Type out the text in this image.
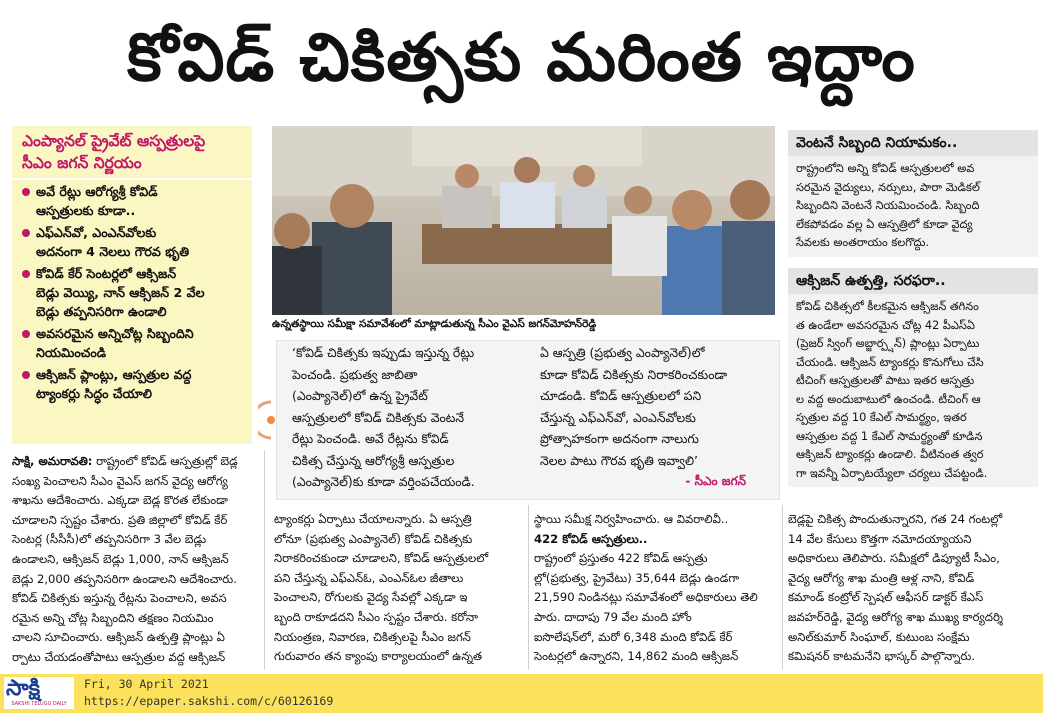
కోవిడ్ చికిత్సకు మరింత ఇద్దాం
ఎంప్యానల్ ప్రైవేట్ ఆస్పత్రులపై
సీఎం జగన్ నిర్ణయం
అవే రేట్లు ఆరోగ్యశ్రీ కోవిడ్
ఆస్పత్రులకు కూడా..
ఎఫ్ఎన్‌వో, ఎంఎన్‌వోలకు
అదనంగా 4 నెలలు గౌరవ భృతి
కోవిడ్ కేర్ సెంటర్లలో ఆక్సిజన్
బెడ్లు వెయ్యి, నాన్ ఆక్సిజన్ 2 వేల
బెడ్లు తప్పనిసరిగా ఉండాలి
అవసరమైన అన్నిచోట్ల సిబ్బందిని
నియమించండి
ఆక్సిజన్ ప్లాంట్లు, ఆస్పత్రుల వద్ద
ట్యాంకర్లు సిద్ధం చేయాలి
ఉన్నతస్థాయి సమీక్షా సమావేశంలో మాట్లాడుతున్న సీఎం వైఎస్ జగన్‌మోహన్‌రెడ్డి
‘కోవిడ్ చికిత్సకు ఇప్పుడు ఇస్తున్న రేట్లు
పెంచండి. ప్రభుత్వ జాబితా
(ఎంప్యానెల్)లో ఉన్న ప్రైవేట్
ఆస్పత్రులలో కోవిడ్ చికిత్సకు వెంటనే
రేట్లు పెంచండి. అవే రేట్లను కోవిడ్
చికిత్స చేస్తున్న ఆరోగ్యశ్రీ ఆస్పత్రుల
(ఎంప్యానెల్)కు కూడా వర్తింపచేయండి.
ఏ ఆస్పత్రి (ప్రభుత్వ ఎంప్యానెల్)లో
కూడా కోవిడ్ చికిత్సకు నిరాకరించకుండా
చూడండి. కోవిడ్ ఆస్పత్రులలో పని
చేస్తున్న ఎఫ్ఎన్‌వో, ఎంఎన్‌వోలకు
ప్రోత్సాహకంగా అదనంగా నాలుగు
నెలల పాటు గౌరవ భృతి ఇవ్వాలి’
- సీఎం జగన్
వెంటనే సిబ్బంది నియామకం..
రాష్ట్రంలోని అన్ని కోవిడ్ ఆస్పత్రులలో అవ
సరమైన వైద్యులు, నర్సులు, పారా మెడికల్
సిబ్బందిని వెంటనే నియమించండి. సిబ్బంది
లేకపోవడం వల్ల ఏ ఆస్పత్రిలో కూడా వైద్య
సేవలకు అంతరాయం కలగొద్దు.
ఆక్సిజన్ ఉత్పత్తి, సరఫరా..
కోవిడ్ చికిత్సలో కీలకమైన ఆక్సిజన్ తగినం
త ఉండేలా అవసరమైన చోట్ల 42 పీఎస్ఏ
(ప్రెజర్ స్వింగ్ అబ్జార్ప్షన్) ప్లాంట్లు ఏర్పాటు
చేయండి. ఆక్సిజన్ ట్యాంకర్లు కొనుగోలు చేసి
టీచింగ్ ఆస్పత్రులతో పాటు ఇతర ఆస్పత్రు
ల వద్ద అందుబాటులో ఉంచండి. టీచింగ్ ఆ
స్పత్రుల వద్ద 10 కేఎల్ సామర్థ్యం, ఇతర
ఆస్పత్రుల వద్ద 1 కేఎల్ సామర్థ్యంతో కూడిన
ఆక్సిజన్ ట్యాంకర్లు ఉండాలి. వీటినంత త్వర
గా ఇవన్నీ ఏర్పాటయ్యేలా చర్యలు చేపట్టండి.
సాక్షి, అమరావతి: రాష్ట్రంలో కోవిడ్ ఆస్పత్రుల్లో బెడ్ల
సంఖ్య పెంచాలని సీఎం వైఎస్ జగన్ వైద్య ఆరోగ్య
శాఖను ఆదేశించారు. ఎక్కడా బెడ్ల కొరత లేకుండా
చూడాలని స్పష్టం చేశారు. ప్రతి జిల్లాలో కోవిడ్ కేర్
సెంటర్ల (సీసీసీ)లో తప్పనిసరిగా 3 వేల బెడ్లు
ఉండాలని, ఆక్సిజన్ బెడ్లు 1,000, నాన్ ఆక్సిజన్
బెడ్లు 2,000 తప్పనిసరిగా ఉండాలని ఆదేశించారు.
కోవిడ్ చికిత్సకు ఇస్తున్న రేట్లను పెంచాలని, అవస
రమైన అన్ని చోట్ల సిబ్బందిని తక్షణం నియమిం
చాలని సూచించారు. ఆక్సిజన్ ఉత్పత్తి ప్లాంట్లు ఏ
ర్పాటు చేయడంతోపాటు ఆస్పత్రుల వద్ద ఆక్సిజన్
ట్యాంకర్లు ఏర్పాటు చేయాలన్నారు. ఏ ఆస్పత్రి
లోనూ (ప్రభుత్వ ఎంప్యానెల్) కోవిడ్ చికిత్సకు
నిరాకరించకుండా చూడాలని, కోవిడ్ ఆస్పత్రులలో
పని చేస్తున్న ఎఫ్ఎన్ఓ, ఎంఎన్ఓల జీతాలు
పెంచాలని, రోగులకు వైద్య సేవల్లో ఎక్కడా ఇ
బ్బంది రాకూడదని సీఎం స్పష్టం చేశారు. కరోనా
నియంత్రణ, నివారణ, చికిత్సలపై సీఎం జగన్
గురువారం తన క్యాంపు కార్యాలయంలో ఉన్నత
స్థాయి సమీక్ష నిర్వహించారు. ఆ వివరాలివీ..
422 కోవిడ్ ఆస్పత్రులు..
రాష్ట్రంలో ప్రస్తుతం 422 కోవిడ్ ఆస్పత్రు
ల్లో(ప్రభుత్వ, ప్రైవేటు) 35,644 బెడ్లు ఉండగా
21,590 నిండినట్లు సమావేశంలో అధికారులు తెలి
పారు. దాదాపు 79 వేల మంది హోం
ఐసొలేషన్‌లో, మరో 6,348 మంది కోవిడ్ కేర్
సెంటర్లలో ఉన్నారని, 14,862 మంది ఆక్సిజన్
బెడ్లపై చికిత్స పొందుతున్నారని, గత 24 గంటల్లో
14 వేల కేసులు కొత్తగా నమోదయ్యాయని
అధికారులు తెలిపారు. సమీక్షలో డిప్యూటీ సీఎం,
వైద్య ఆరోగ్య శాఖ మంత్రి ఆళ్ల నాని, కోవిడ్
కమాండ్ కంట్రోల్ స్పెషల్ ఆఫీసర్ డాక్టర్ కేఎస్
జవహర్‌రెడ్డి, వైద్య ఆరోగ్య శాఖ ముఖ్య కార్యదర్శి
అనిల్‌కుమార్ సింఘాల్, కుటుంబ సంక్షేమ
కమిషనర్ కాటమనేని భాస్కర్ పాల్గొన్నారు.
సాక్షి
SAKSHI TELUGU DAILY
Fri, 30 April 2021
https://epaper.sakshi.com/c/60126169
